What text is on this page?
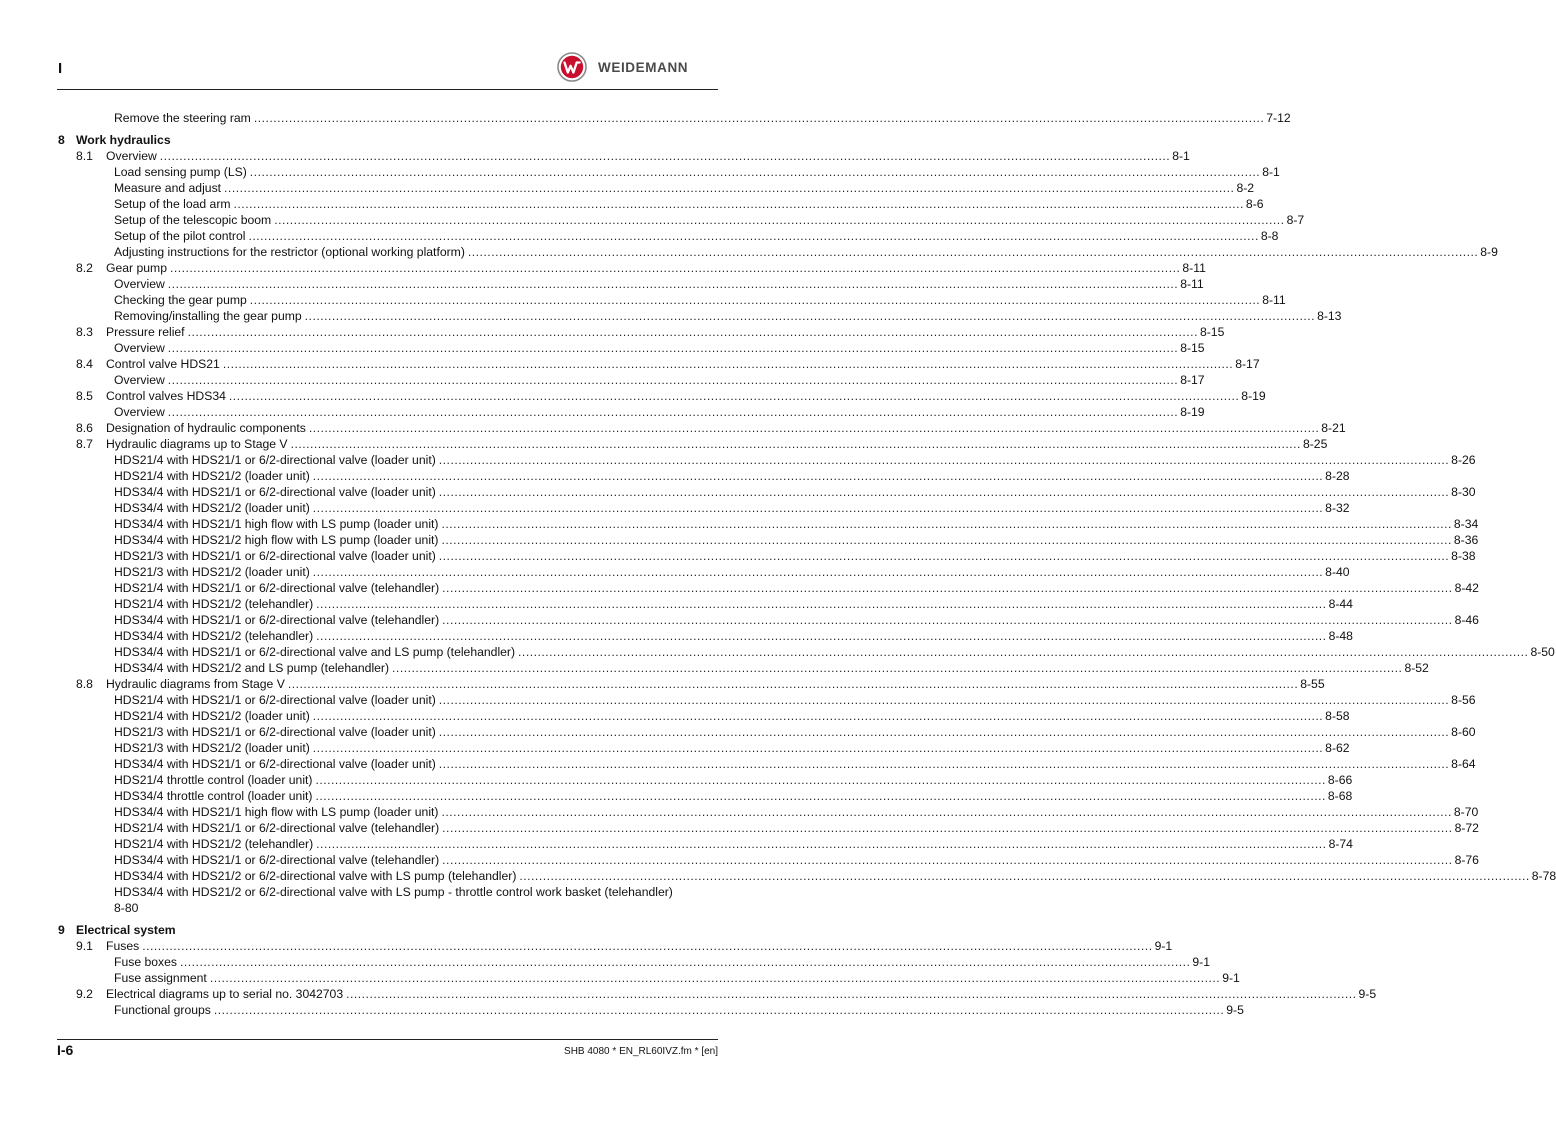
I	WEIDEMANN
Remove the steering ram .................................................................................................................................................................................................................................................................... 7-12
8 Work hydraulics
8.1 Overview .................................................................................................................................................................................................................................................................... 8-1
Load sensing pump (LS) .................................................................................................................................................................................................................................................................... 8-1
Measure and adjust .................................................................................................................................................................................................................................................................... 8-2
Setup of the load arm .................................................................................................................................................................................................................................................................... 8-6
Setup of the telescopic boom .................................................................................................................................................................................................................................................................... 8-7
Setup of the pilot control .................................................................................................................................................................................................................................................................... 8-8
Adjusting instructions for the restrictor (optional working platform) .................................................................................................................................................................................................................................................................... 8-9
8.2 Gear pump .................................................................................................................................................................................................................................................................... 8-11
Overview .................................................................................................................................................................................................................................................................... 8-11
Checking the gear pump .................................................................................................................................................................................................................................................................... 8-11
Removing/installing the gear pump .................................................................................................................................................................................................................................................................... 8-13
8.3 Pressure relief .................................................................................................................................................................................................................................................................... 8-15
Overview .................................................................................................................................................................................................................................................................... 8-15
8.4 Control valve HDS21 .................................................................................................................................................................................................................................................................... 8-17
Overview .................................................................................................................................................................................................................................................................... 8-17
8.5 Control valves HDS34 .................................................................................................................................................................................................................................................................... 8-19
Overview .................................................................................................................................................................................................................................................................... 8-19
8.6 Designation of hydraulic components .................................................................................................................................................................................................................................................................... 8-21
8.7 Hydraulic diagrams up to Stage V .................................................................................................................................................................................................................................................................... 8-25
HDS21/4 with HDS21/1 or 6/2-directional valve (loader unit) .................................................................................................................................................................................................................................................................... 8-26
HDS21/4 with HDS21/2 (loader unit) .................................................................................................................................................................................................................................................................... 8-28
HDS34/4 with HDS21/1 or 6/2-directional valve (loader unit) .................................................................................................................................................................................................................................................................... 8-30
HDS34/4 with HDS21/2 (loader unit) .................................................................................................................................................................................................................................................................... 8-32
HDS34/4 with HDS21/1 high flow with LS pump (loader unit) .................................................................................................................................................................................................................................................................... 8-34
HDS34/4 with HDS21/2 high flow with LS pump (loader unit) .................................................................................................................................................................................................................................................................... 8-36
HDS21/3 with HDS21/1 or 6/2-directional valve (loader unit) .................................................................................................................................................................................................................................................................... 8-38
HDS21/3 with HDS21/2 (loader unit) .................................................................................................................................................................................................................................................................... 8-40
HDS21/4 with HDS21/1 or 6/2-directional valve (telehandler) .................................................................................................................................................................................................................................................................... 8-42
HDS21/4 with HDS21/2 (telehandler) .................................................................................................................................................................................................................................................................... 8-44
HDS34/4 with HDS21/1 or 6/2-directional valve (telehandler) .................................................................................................................................................................................................................................................................... 8-46
HDS34/4 with HDS21/2 (telehandler) .................................................................................................................................................................................................................................................................... 8-48
HDS34/4 with HDS21/1 or 6/2-directional valve and LS pump (telehandler) .................................................................................................................................................................................................................................................................... 8-50
HDS34/4 with HDS21/2 and LS pump (telehandler) .................................................................................................................................................................................................................................................................... 8-52
8.8 Hydraulic diagrams from Stage V .................................................................................................................................................................................................................................................................... 8-55
HDS21/4 with HDS21/1 or 6/2-directional valve (loader unit) .................................................................................................................................................................................................................................................................... 8-56
HDS21/4 with HDS21/2 (loader unit) .................................................................................................................................................................................................................................................................... 8-58
HDS21/3 with HDS21/1 or 6/2-directional valve (loader unit) .................................................................................................................................................................................................................................................................... 8-60
HDS21/3 with HDS21/2 (loader unit) .................................................................................................................................................................................................................................................................... 8-62
HDS34/4 with HDS21/1 or 6/2-directional valve (loader unit) .................................................................................................................................................................................................................................................................... 8-64
HDS21/4 throttle control (loader unit) .................................................................................................................................................................................................................................................................... 8-66
HDS34/4 throttle control (loader unit) .................................................................................................................................................................................................................................................................... 8-68
HDS34/4 with HDS21/1 high flow with LS pump (loader unit) .................................................................................................................................................................................................................................................................... 8-70
HDS21/4 with HDS21/1 or 6/2-directional valve (telehandler) .................................................................................................................................................................................................................................................................... 8-72
HDS21/4 with HDS21/2 (telehandler) .................................................................................................................................................................................................................................................................... 8-74
HDS34/4 with HDS21/1 or 6/2-directional valve (telehandler) .................................................................................................................................................................................................................................................................... 8-76
HDS34/4 with HDS21/2 or 6/2-directional valve with LS pump (telehandler) .................................................................................................................................................................................................................................................................... 8-78
HDS34/4 with HDS21/2 or 6/2-directional valve with LS pump - throttle control work basket (telehandler)
8-80
9 Electrical system
9.1 Fuses .................................................................................................................................................................................................................................................................... 9-1
Fuse boxes .................................................................................................................................................................................................................................................................... 9-1
Fuse assignment .................................................................................................................................................................................................................................................................... 9-1
9.2 Electrical diagrams up to serial no. 3042703 .................................................................................................................................................................................................................................................................... 9-5
Functional groups .................................................................................................................................................................................................................................................................... 9-5
I-6	SHB 4080 * EN_RL60IVZ.fm * [en]
